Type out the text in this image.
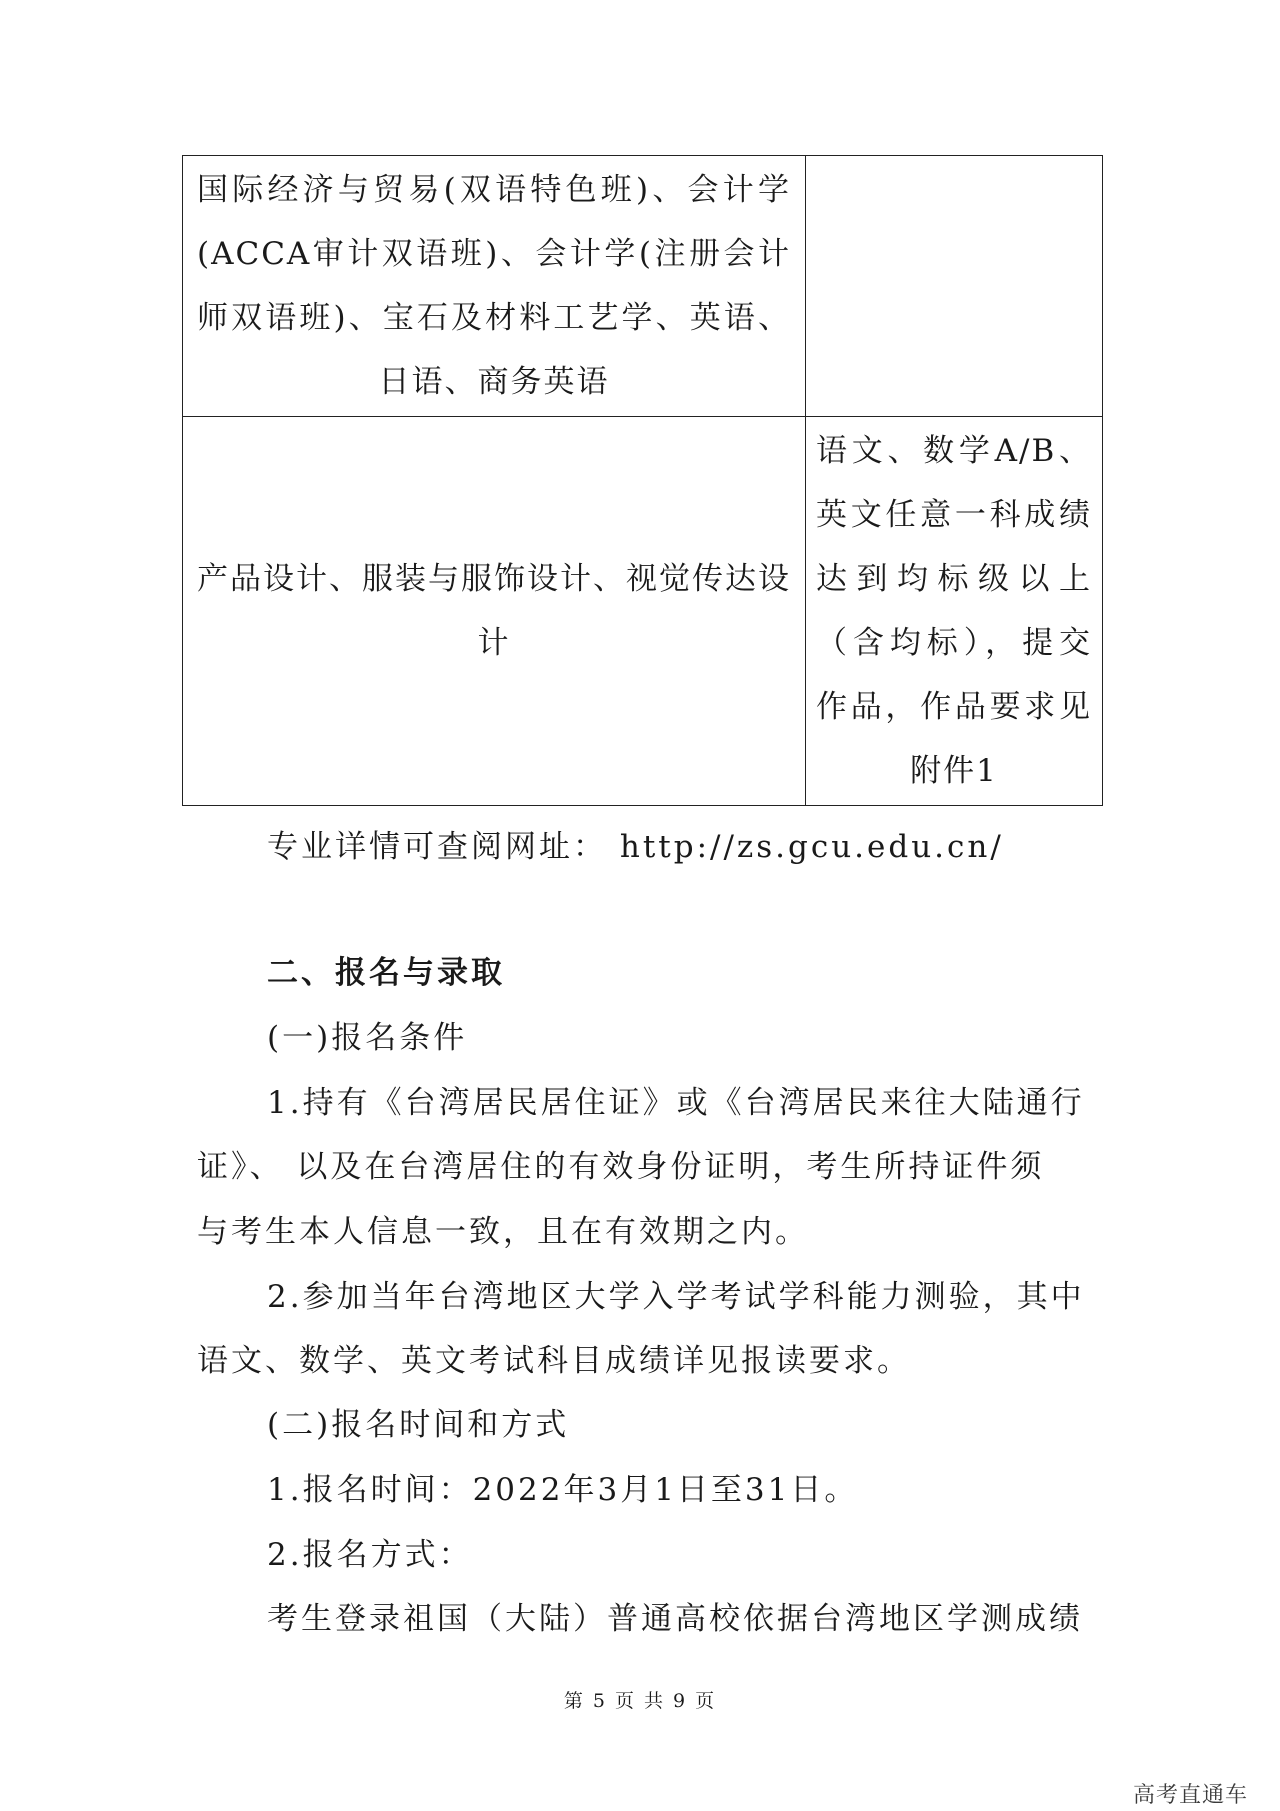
国际经济与贸易(双语特色班)、会计学(ACCA审计双语班)、会计学(注册会计师双语班)、宝石及材料工艺学、英语、日语、商务英语	

产品设计、服装与服饰设计、视觉传达设计	语文、数学A/B、英文任意一科成绩达到均标级以上（含均标），提交作品，作品要求见附件1
专业详情可查阅网址： http://zs.gcu.edu.cn/
二、报名与录取
(一)报名条件
1.持有《台湾居民居住证》或《台湾居民来往大陆通行
证》、 以及在台湾居住的有效身份证明，考生所持证件须
与考生本人信息一致，且在有效期之内。
2.参加当年台湾地区大学入学考试学科能力测验，其中
语文、数学、英文考试科目成绩详见报读要求。
(二)报名时间和方式
1.报名时间：2022年3月1日至31日。
2.报名方式：
考生登录祖国（大陆）普通高校依据台湾地区学测成绩
第 5 页 共 9 页
高考直通车
